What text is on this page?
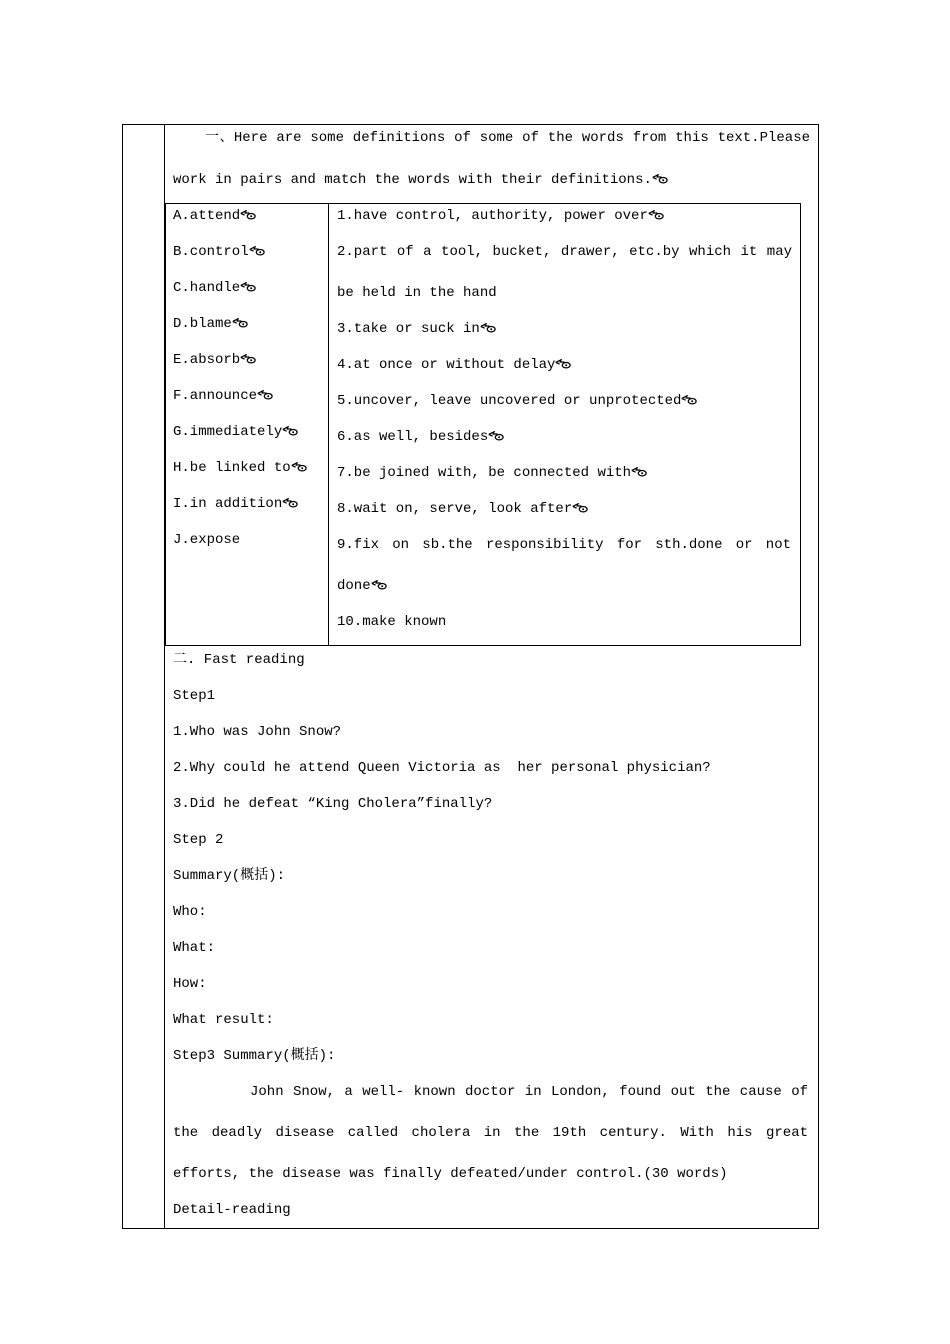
一、Here are some definitions of some of the words from this text.Please
work in pairs and match the words with their definitions.
A.attend
B.control
C.handle
D.blame
E.absorb
F.announce
G.immediately
H.be linked to
I.in addition
J.expose
1.have control, authority, power over
2.part of a tool, bucket, drawer, etc.by which it may
be held in the hand
3.take or suck in
4.at once or without delay
5.uncover, leave uncovered or unprotected
6.as well, besides
7.be joined with, be connected with
8.wait on, serve, look after
9.fix on sb.the responsibility for sth.done or not
done
10.make known
二. Fast reading
Step1
1.Who was John Snow?
2.Why could he attend Queen Victoria as  her personal physician?
3.Did he defeat “King Cholera”finally?
Step 2
Summary(概括):
Who:
What:
How:
What result:
Step3 Summary(概括):
John Snow, a well- known doctor in London, found out the cause of
the deadly disease called cholera in the 19th century. With his great
efforts, the disease was finally defeated/under control.(30 words)
Detail-reading
